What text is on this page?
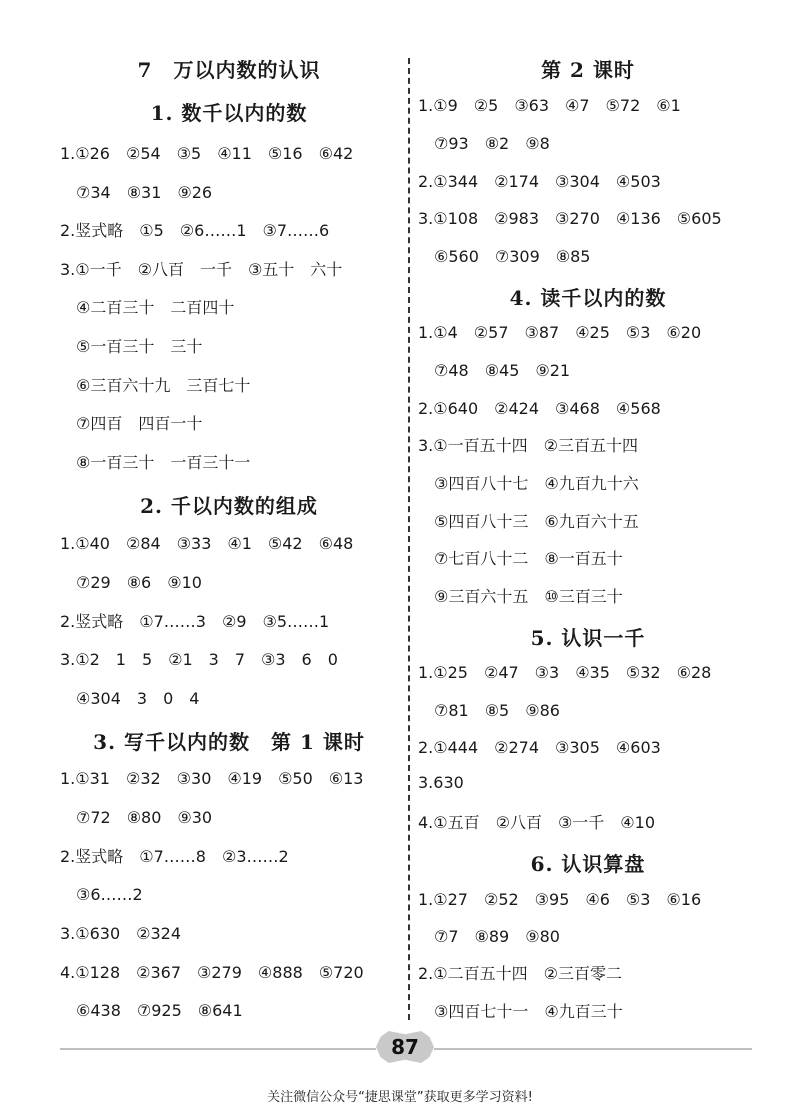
7　万以内数的认识
1. 数千以内的数
1.①26　②54　③5　④11　⑤16　⑥42
　⑦34　⑧31　⑨26
2.竖式略　①5　②6……1　③7……6
3.①一千　②八百　一千　③五十　六十
　④二百三十　二百四十
　⑤一百三十　三十
　⑥三百六十九　三百七十
　⑦四百　四百一十
　⑧一百三十　一百三十一
2. 千以内数的组成
1.①40　②84　③33　④1　⑤42　⑥48
　⑦29　⑧6　⑨10
2.竖式略　①7……3　②9　③5……1
3.①2　1　5　②1　3　7　③3　6　0
　④304　3　0　4
3. 写千以内的数　第 1 课时
1.①31　②32　③30　④19　⑤50　⑥13
　⑦72　⑧80　⑨30
2.竖式略　①7……8　②3……2
　③6……2
3.①630　②324
4.①128　②367　③279　④888　⑤720
　⑥438　⑦925　⑧641
第 2 课时
1.①9　②5　③63　④7　⑤72　⑥1
　⑦93　⑧2　⑨8
2.①344　②174　③304　④503
3.①108　②983　③270　④136　⑤605
　⑥560　⑦309　⑧85
4. 读千以内的数
1.①4　②57　③87　④25　⑤3　⑥20
　⑦48　⑧45　⑨21
2.①640　②424　③468　④568
3.①一百五十四　②三百五十四
　③四百八十七　④九百九十六
　⑤四百八十三　⑥九百六十五
　⑦七百八十二　⑧一百五十
　⑨三百六十五　⑩三百三十
5. 认识一千
1.①25　②47　③3　④35　⑤32　⑥28
　⑦81　⑧5　⑨86
2.①444　②274　③305　④603
3.630
4.①五百　②八百　③一千　④10
6. 认识算盘
1.①27　②52　③95　④6　⑤3　⑥16
　⑦7　⑧89　⑨80
2.①二百五十四　②三百零二
　③四百七十一　④九百三十
87
关注微信公众号“捷思课堂”获取更多学习资料!
